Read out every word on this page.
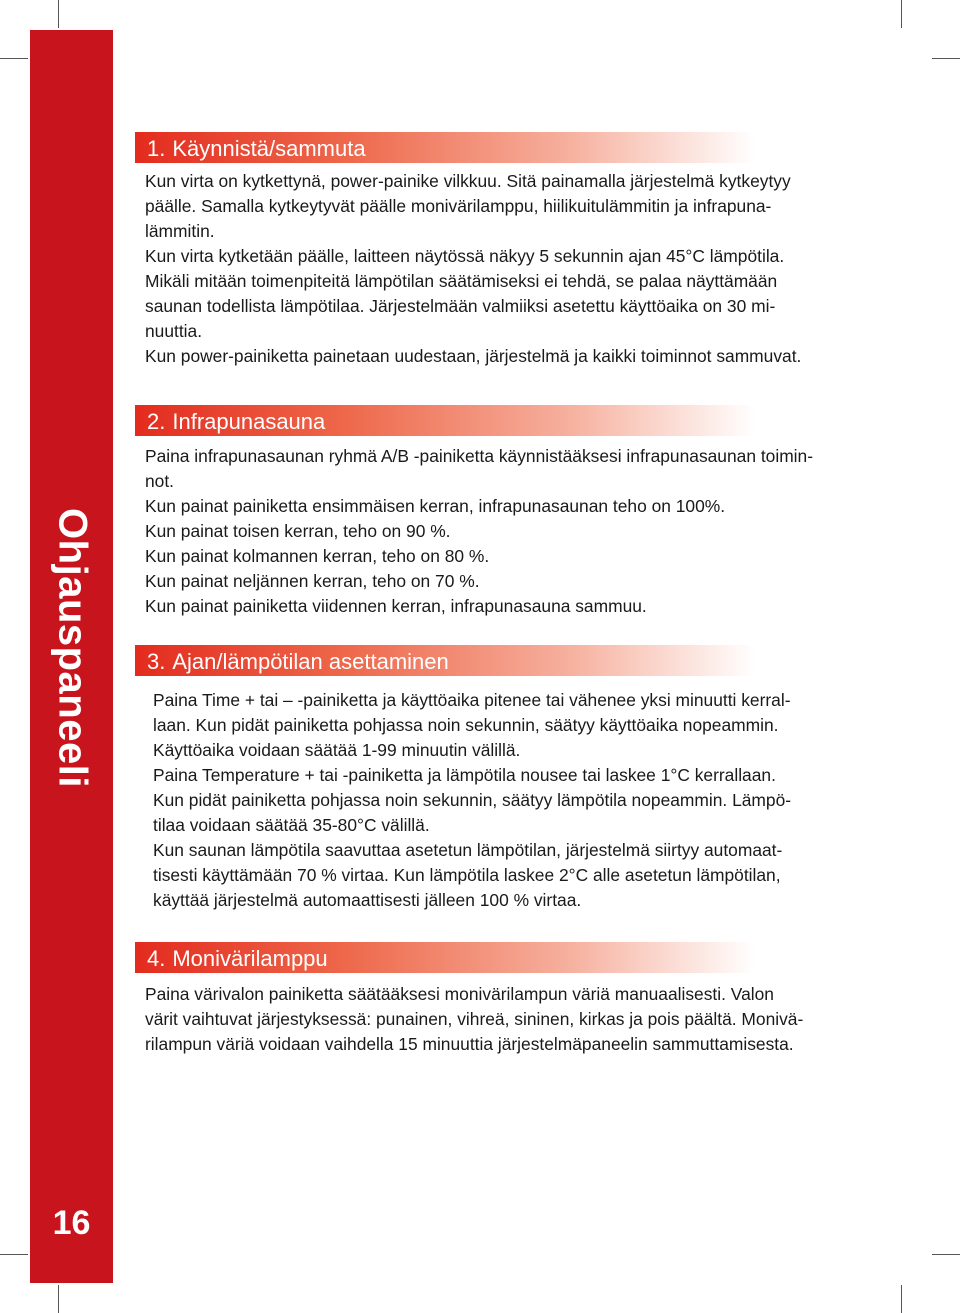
Ohjauspaneeli
16
1. Käynnistä/sammuta

Kun virta on kytkettynä, power-painike vilkkuu. Sitä painamalla järjestelmä kytkeytyy

päälle. Samalla kytkeytyvät päälle monivärilamppu, hiilikuitulämmitin ja infrapuna-

lämmitin.

Kun virta kytketään päälle, laitteen näytössä näkyy 5 sekunnin ajan 45°C lämpötila.

Mikäli mitään toimenpiteitä lämpötilan säätämiseksi ei tehdä, se palaa näyttämään

saunan todellista lämpötilaa. Järjestelmään valmiiksi asetettu käyttöaika on 30 mi-

nuuttia.

Kun power-painiketta painetaan uudestaan, järjestelmä ja kaikki toiminnot sammuvat.

2. Infrapunasauna

Paina infrapunasaunan ryhmä A/B -painiketta käynnistääksesi infrapunasaunan toimin-

not.

Kun painat painiketta ensimmäisen kerran, infrapunasaunan teho on 100%.

Kun painat toisen kerran, teho on 90 %.

Kun painat kolmannen kerran, teho on 80 %.

Kun painat neljännen kerran, teho on 70 %.

Kun painat painiketta viidennen kerran, infrapunasauna sammuu.

3. Ajan/lämpötilan asettaminen

Paina Time + tai – -painiketta ja käyttöaika pitenee tai vähenee yksi minuutti kerral-

laan. Kun pidät painiketta pohjassa noin sekunnin, säätyy käyttöaika nopeammin.

Käyttöaika voidaan säätää 1-99 minuutin välillä.

Paina Temperature + tai -painiketta ja lämpötila nousee tai laskee 1°C kerrallaan.

Kun pidät painiketta pohjassa noin sekunnin, säätyy lämpötila nopeammin. Lämpö-

tilaa voidaan säätää 35-80°C välillä.

Kun saunan lämpötila saavuttaa asetetun lämpötilan, järjestelmä siirtyy automaat-

tisesti käyttämään 70 % virtaa. Kun lämpötila laskee 2°C alle asetetun lämpötilan,

käyttää järjestelmä automaattisesti jälleen 100 % virtaa.

4. Monivärilamppu

Paina värivalon painiketta säätääksesi monivärilampun väriä manuaalisesti. Valon

värit vaihtuvat järjestyksessä: punainen, vihreä, sininen, kirkas ja pois päältä. Monivä-

rilampun väriä voidaan vaihdella 15 minuuttia järjestelmäpaneelin sammuttamisesta.
